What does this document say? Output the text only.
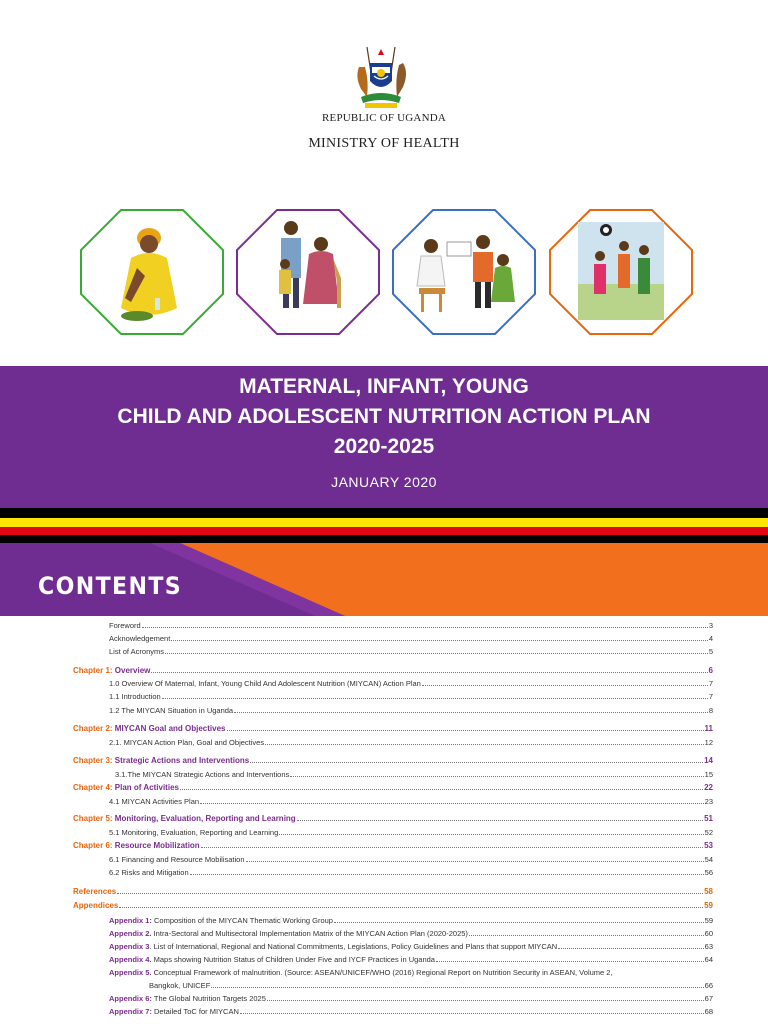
REPUBLIC OF UGANDA
MINISTRY OF HEALTH
MATERNAL, INFANT, YOUNG
CHILD AND ADOLESCENT NUTRITION ACTION PLAN
2020-2025
JANUARY 2020
CONTENTS
Foreword	3
Acknowledgement	4
List of Acronyms	5
Chapter 1: Overview	6
1.0 Overview Of Maternal, Infant, Young Child And Adolescent Nutrition (MIYCAN) Action Plan	7
1.1 Introduction	7
1.2 The MIYCAN Situation in Uganda	8
Chapter 2: MIYCAN Goal and Objectives	11
2.1. MIYCAN Action Plan, Goal and Objectives	12
Chapter 3: Strategic Actions and Interventions	14
3.1.The MIYCAN Strategic Actions and Interventions	15
Chapter 4: Plan of Activities	22
4.1 MIYCAN Activities Plan	23
Chapter 5: Monitoring, Evaluation, Reporting and Learning	51
5.1 Monitoring, Evaluation, Reporting and Learning	52
Chapter 6: Resource Mobilization	53
6.1 Financing and Resource Mobilisation	54
6.2 Risks and Mitigation	56
References	58
Appendices	59
Appendix 1: Composition of the MIYCAN Thematic Working Group	59
Appendix 2. Intra-Sectoral and Multisectoral Implementation Matrix of the MIYCAN Action Plan (2020-2025)	60
Appendix 3. List of International, Regional and National Commitments, Legislations, Policy Guidelines and Plans that support MIYCAN	63
Appendix 4. Maps showing Nutrition Status of Children Under Five and IYCF Practices in Uganda	64
Appendix 5. Conceptual Framework of malnutrition. (Source: ASEAN/UNICEF/WHO (2016) Regional Report on Nutrition Security in ASEAN, Volume 2,
Bangkok, UNICEF	66
Appendix 6: The Global Nutrition Targets 2025	67
Appendix 7: Detailed ToC for MIYCAN	68
